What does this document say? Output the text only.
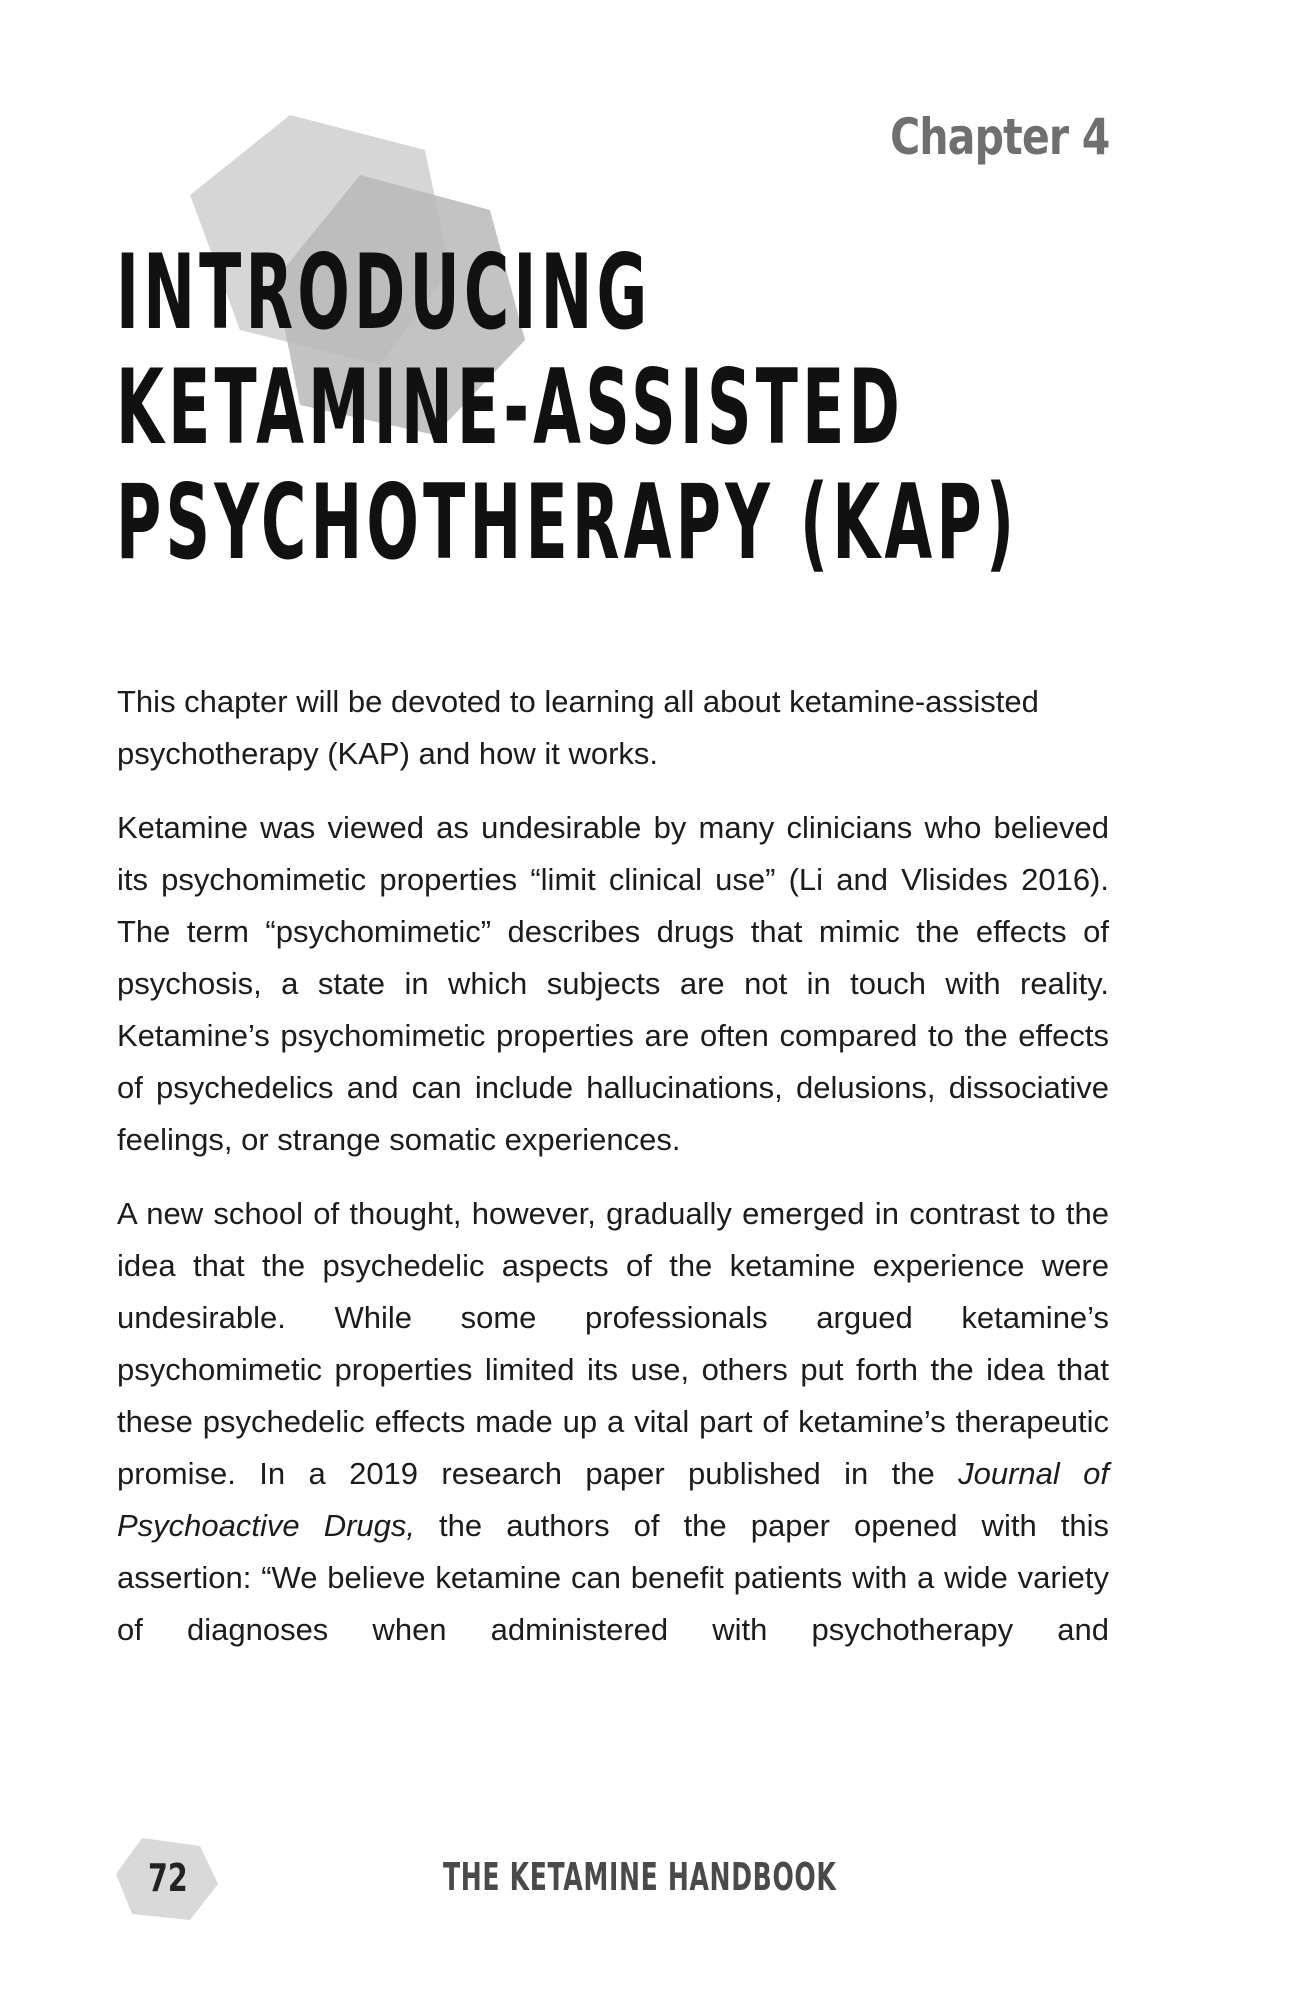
Chapter 4
INTRODUCING
KETAMINE-ASSISTED
PSYCHOTHERAPY (KAP)

This chapter will be devoted to learning all about ketamine-assisted psychotherapy (KAP) and how it works.

Ketamine was viewed as undesirable by many clinicians who believed its psychomimetic properties “limit clinical use” (Li and Vlisides 2016). The term “psychomimetic” describes drugs that mimic the effects of psychosis, a state in which subjects are not in touch with reality. Ketamine’s psychomimetic properties are often compared to the effects of psychedelics and can include hallucinations, delusions, dissociative feelings, or strange somatic experiences.

A new school of thought, however, gradually emerged in contrast to the idea that the psychedelic aspects of the ketamine experience were undesirable. While some professionals argued ketamine’s psychomimetic properties limited its use, others put forth the idea that these psychedelic effects made up a vital part of ketamine’s therapeutic promise. In a 2019 research paper published in the Journal of Psychoactive Drugs, the authors of the paper opened with this assertion: “We believe ketamine can benefit patients with a wide variety of diagnoses when administered with psychotherapy and

72	THE KETAMINE HANDBOOK
